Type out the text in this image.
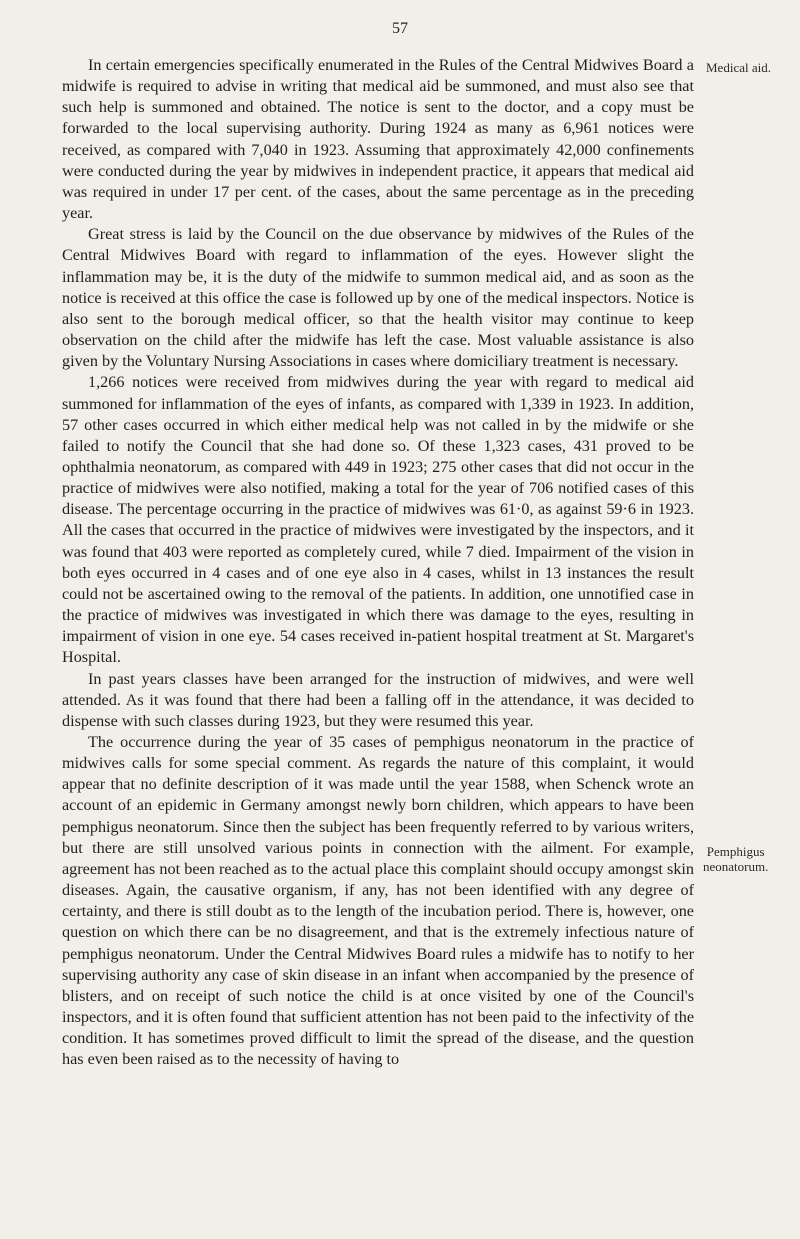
57
Medical aid.
Pemphigus
neonatorum.

In certain emergencies specifically enumerated in the Rules of the Central Midwives Board a midwife is required to advise in writing that medical aid be summoned, and must also see that such help is summoned and obtained. The notice is sent to the doctor, and a copy must be forwarded to the local supervising authority. During 1924 as many as 6,961 notices were received, as compared with 7,040 in 1923. Assuming that approximately 42,000 confinements were conducted during the year by midwives in independent practice, it appears that medical aid was required in under 17 per cent. of the cases, about the same percentage as in the preceding year.

Great stress is laid by the Council on the due observance by midwives of the Rules of the Central Midwives Board with regard to inflammation of the eyes. However slight the inflammation may be, it is the duty of the midwife to summon medical aid, and as soon as the notice is received at this office the case is followed up by one of the medical inspectors. Notice is also sent to the borough medical officer, so that the health visitor may continue to keep observation on the child after the midwife has left the case. Most valuable assistance is also given by the Voluntary Nursing Associations in cases where domiciliary treatment is necessary.

1,266 notices were received from midwives during the year with regard to medical aid summoned for inflammation of the eyes of infants, as compared with 1,339 in 1923. In addition, 57 other cases occurred in which either medical help was not called in by the midwife or she failed to notify the Council that she had done so. Of these 1,323 cases, 431 proved to be ophthalmia neonatorum, as compared with 449 in 1923; 275 other cases that did not occur in the practice of midwives were also notified, making a total for the year of 706 notified cases of this disease. The percentage occurring in the practice of midwives was 61·0, as against 59·6 in 1923. All the cases that occurred in the practice of midwives were investigated by the inspectors, and it was found that 403 were reported as completely cured, while 7 died. Impairment of the vision in both eyes occurred in 4 cases and of one eye also in 4 cases, whilst in 13 instances the result could not be ascertained owing to the removal of the patients. In addition, one unnotified case in the practice of midwives was investigated in which there was damage to the eyes, resulting in impairment of vision in one eye. 54 cases received in-patient hospital treatment at St. Margaret's Hospital.

In past years classes have been arranged for the instruction of midwives, and were well attended. As it was found that there had been a falling off in the attendance, it was decided to dispense with such classes during 1923, but they were resumed this year.

The occurrence during the year of 35 cases of pemphigus neonatorum in the practice of midwives calls for some special comment. As regards the nature of this complaint, it would appear that no definite description of it was made until the year 1588, when Schenck wrote an account of an epidemic in Germany amongst newly born children, which appears to have been pemphigus neonatorum. Since then the subject has been frequently referred to by various writers, but there are still unsolved various points in connection with the ailment. For example, agreement has not been reached as to the actual place this complaint should occupy amongst skin diseases. Again, the causative organism, if any, has not been identified with any degree of certainty, and there is still doubt as to the length of the incubation period. There is, however, one question on which there can be no disagreement, and that is the extremely infectious nature of pemphigus neonatorum. Under the Central Midwives Board rules a midwife has to notify to her supervising authority any case of skin disease in an infant when accompanied by the presence of blisters, and on receipt of such notice the child is at once visited by one of the Council's inspectors, and it is often found that sufficient attention has not been paid to the infectivity of the condition. It has sometimes proved difficult to limit the spread of the disease, and the question has even been raised as to the necessity of having to
